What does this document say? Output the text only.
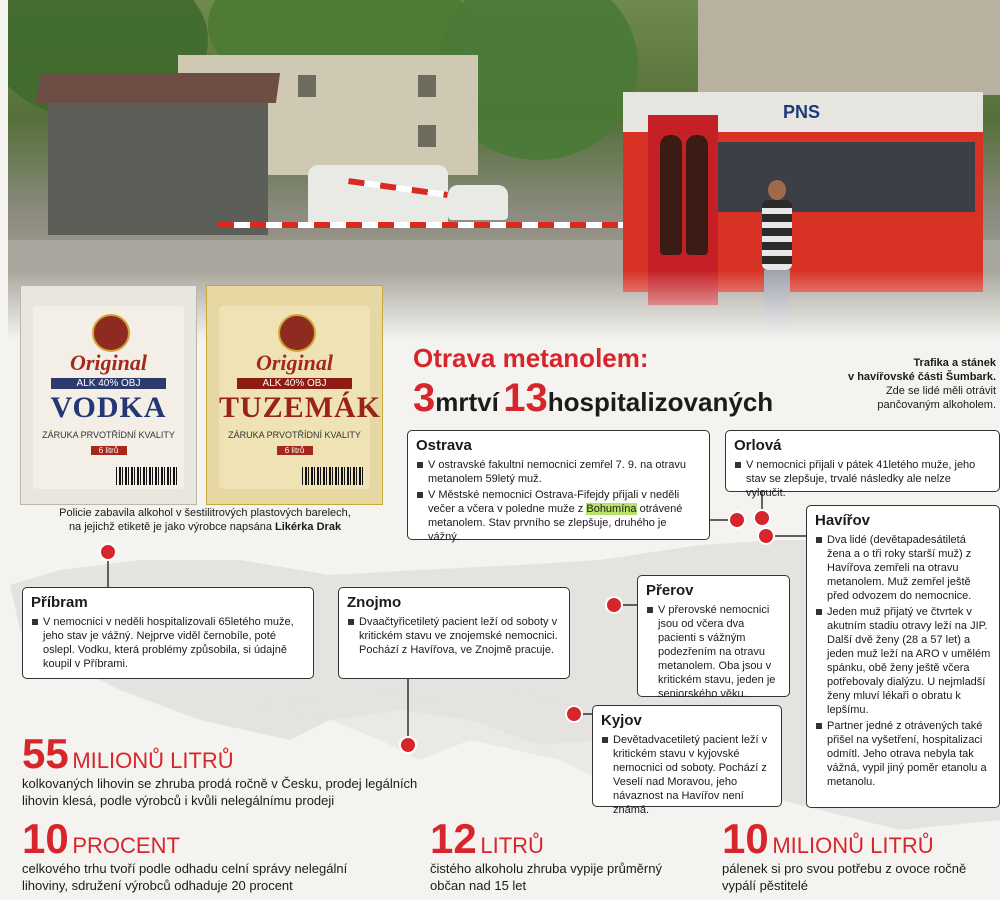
PNS
Original
ALK 40% OBJ
VODKA
ZÁRUKA PRVOTŘÍDNÍ KVALITY
6 litrů
Original
ALK 40% OBJ
TUZEMÁK
ZÁRUKA PRVOTŘÍDNÍ KVALITY
6 litrů
Policie zabavila alkohol v šestilitrových plastových barelech,
na jejichž etiketě je jako výrobce napsána Likérka Drak
Trafika a stánek
v havířovské části Šumbark.
Zde se lidé měli otrávit
pančovaným alkoholem.
Otrava metanolem:
3mrtví 13hospitalizovaných
Ostrava
V ostravské fakultní nemocnici zemřel 7. 9. na otravu metanolem 59letý muž.
V Městské nemocnici Ostrava-Fifejdy přijali v neděli večer a včera v poledne muže z Bohumína otrávené metanolem. Stav prvního se zlepšuje, druhého je vážný.
Orlová
V nemocnici přijali v pátek 41letého muže, jeho stav se zlepšuje, trvalé následky ale nelze vyloučit.
Havířov
Dva lidé (devětapadesátiletá žena a o tři roky starší muž) z Havířova zemřeli na otravu metanolem. Muž zemřel ještě před odvozem do nemocnice.
Jeden muž přijatý ve čtvrtek v akutním stadiu otravy leží na JIP. Další dvě ženy (28 a 57 let) a jeden muž leží na ARO v umělém spánku, obě ženy ještě včera potřebovaly dialýzu. U nejmladší ženy mluví lékaři o obratu k lepšímu.
Partner jedné z otrávených také přišel na vyšetření, hospitalizaci odmítl. Jeho otrava nebyla tak vážná, vypil jiný poměr etanolu a metanolu.
Příbram
V nemocnici v neděli hospitalizovali 65letého muže, jeho stav je vážný. Nejprve viděl černobíle, poté oslepl. Vodku, která problémy způsobila, si údajně koupil v Příbrami.
Znojmo
Dvaačtyřicetiletý pacient leží od soboty v kritickém stavu ve znojemské nemocnici. Pochází z Havířova, ve Znojmě pracuje.
Přerov
V přerovské nemocnici jsou od včera dva pacienti s vážným podezřením na otravu metanolem. Oba jsou v kritickém stavu, jeden je seniorského věku.
Kyjov
Devětadvacetiletý pacient leží v kritickém stavu v kyjovské nemocnici od soboty. Pochází z Veselí nad Moravou, jeho návaznost na Havířov není známá.
55 MILIONŮ LITRŮ
kolkovaných lihovin se zhruba prodá ročně v Česku, prodej legálních
lihovin klesá, podle výrobců i kvůli nelegálnímu prodeji
10 PROCENT
celkového trhu tvoří podle odhadu celní správy nelegální
lihoviny, sdružení výrobců odhaduje 20 procent
12 LITRŮ
čistého alkoholu zhruba vypije průměrný
občan nad 15 let
10 MILIONŮ LITRŮ
pálenek si pro svou potřebu z ovoce ročně
vypálí pěstitelé
